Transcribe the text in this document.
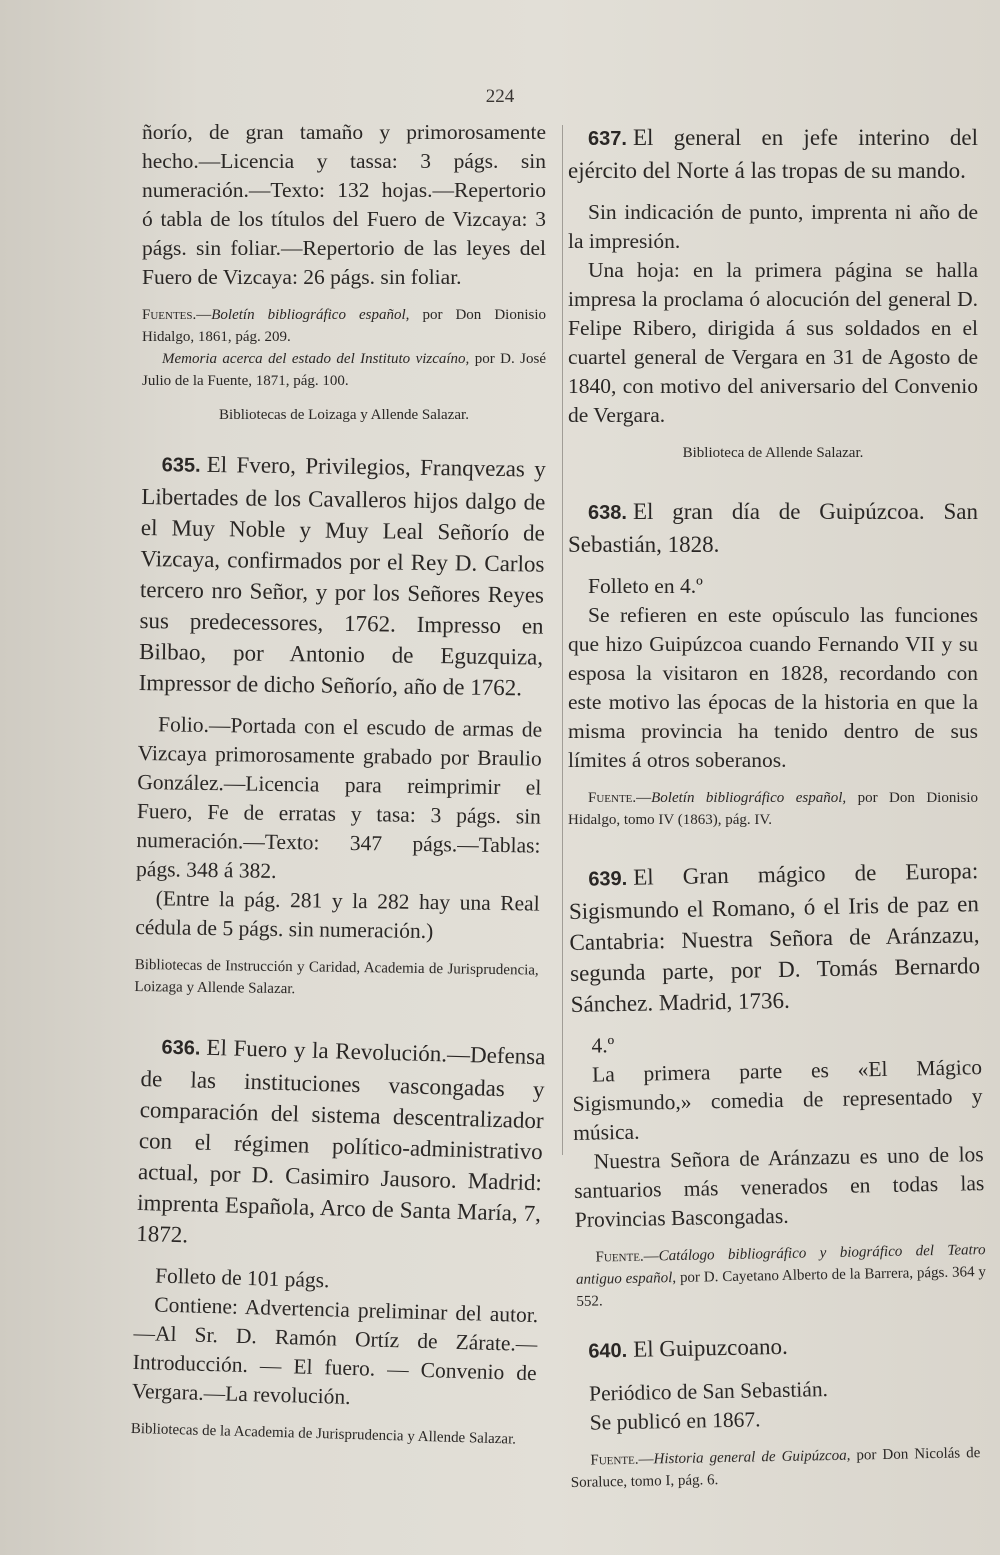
224

ñorío, de gran tamaño y primorosamente hecho.—Licencia y tassa: 3 págs. sin numeración.—Texto: 132 hojas.—Repertorio ó tabla de los títulos del Fuero de Vizcaya: 3 págs. sin foliar.—Repertorio de las leyes del Fuero de Vizcaya: 26 págs. sin foliar.

Fuentes.—Boletín bibliográfico español, por Don Dionisio Hidalgo, 1861, pág. 209.

Memoria acerca del estado del Instituto vizcaíno, por D. José Julio de la Fuente, 1871, pág. 100.

Bibliotecas de Loizaga y Allende Salazar.

635. El Fvero, Privilegios, Franqvezas y Libertades de los Cavalleros hijos dalgo de el Muy Noble y Muy Leal Señorío de Vizcaya, confirmados por el Rey D. Carlos tercero nro Señor, y por los Señores Reyes sus predecessores, 1762. Impresso en Bilbao, por Antonio de Eguzquiza, Impressor de dicho Señorío, año de 1762.

Folio.—Portada con el escudo de armas de Vizcaya primorosamente grabado por Braulio González.—Licencia para reimprimir el Fuero, Fe de erratas y tasa: 3 págs. sin numeración.—Texto: 347 págs.—Tablas: págs. 348 á 382.

(Entre la pág. 281 y la 282 hay una Real cédula de 5 págs. sin numeración.)

Bibliotecas de Instrucción y Caridad, Academia de Jurisprudencia, Loizaga y Allende Salazar.

636. El Fuero y la Revolución.—Defensa de las instituciones vascongadas y comparación del sistema descentralizador con el régimen político-administrativo actual, por D. Casimiro Jausoro. Madrid: imprenta Española, Arco de Santa María, 7, 1872.

Folleto de 101 págs.

Contiene: Advertencia preliminar del autor.—Al Sr. D. Ramón Ortíz de Zárate.—Introducción. — El fuero. — Convenio de Vergara.—La revolución.

Bibliotecas de la Academia de Jurisprudencia y Allende Salazar.

637. El general en jefe interino del ejército del Norte á las tropas de su mando.

Sin indicación de punto, imprenta ni año de la impresión.

Una hoja: en la primera página se halla impresa la proclama ó alocución del general D. Felipe Ribero, dirigida á sus soldados en el cuartel general de Vergara en 31 de Agosto de 1840, con motivo del aniversario del Convenio de Vergara.

Biblioteca de Allende Salazar.

638. El gran día de Guipúzcoa. San Sebastián, 1828.

Folleto en 4.º

Se refieren en este opúsculo las funciones que hizo Guipúzcoa cuando Fernando VII y su esposa la visitaron en 1828, recordando con este motivo las épocas de la historia en que la misma provincia ha tenido dentro de sus límites á otros soberanos.

Fuente.—Boletín bibliográfico español, por Don Dionisio Hidalgo, tomo IV (1863), pág. IV.

639. El Gran mágico de Europa: Sigismundo el Romano, ó el Iris de paz en Cantabria: Nuestra Señora de Aránzazu, segunda parte, por D. Tomás Bernardo Sánchez. Madrid, 1736.

4.º

La primera parte es «El Mágico Sigismundo,» comedia de representado y música.

Nuestra Señora de Aránzazu es uno de los santuarios más venerados en todas las Provincias Bascongadas.

Fuente.—Catálogo bibliográfico y biográfico del Teatro antiguo español, por D. Cayetano Alberto de la Barrera, págs. 364 y 552.

640. El Guipuzcoano.

Periódico de San Sebastián.

Se publicó en 1867.

Fuente.—Historia general de Guipúzcoa, por Don Nicolás de Soraluce, tomo I, pág. 6.
